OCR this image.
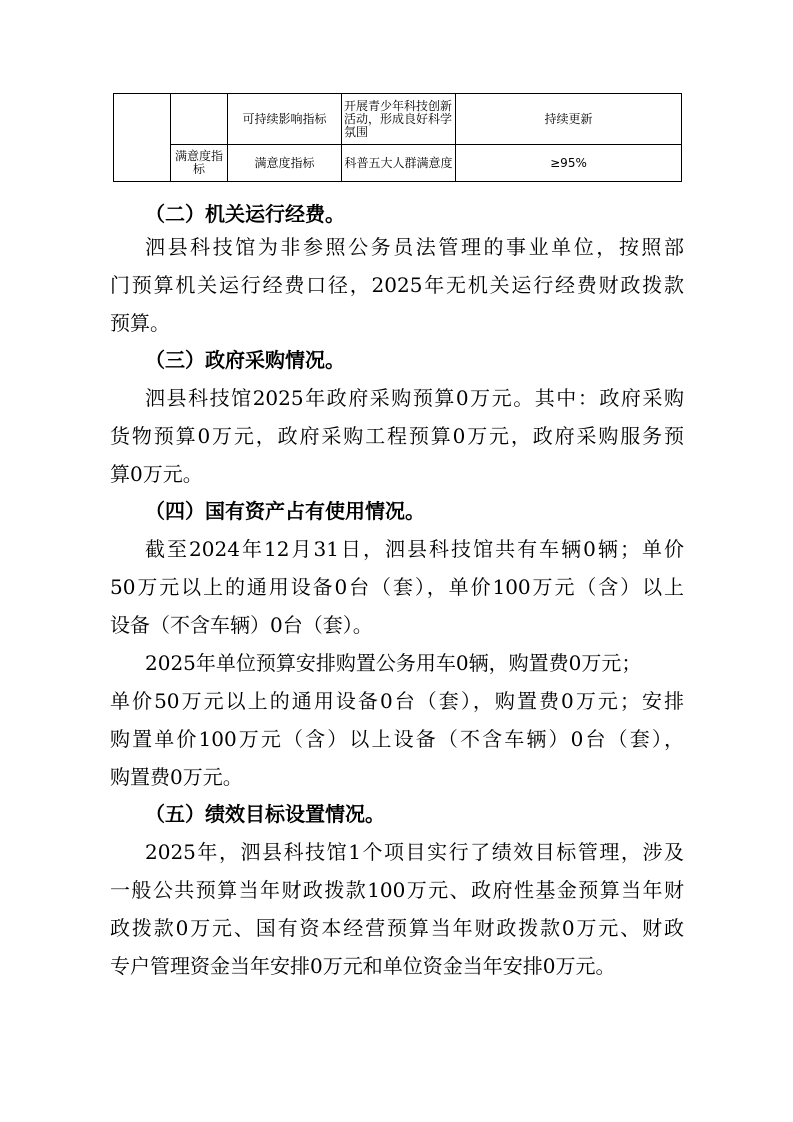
		可持续影响指标	开展青少年科技创新活动，形成良好科学氛围	持续更新
	满意度指标	满意度指标	科普五大人群满意度	≥95%
（二）机关运行经费。
泗县科技馆为非参照公务员法管理的事业单位，按照部
门预算机关运行经费口径，2025年无机关运行经费财政拨款
预算。
（三）政府采购情况。
泗县科技馆2025年政府采购预算0万元。其中：政府采购
货物预算0万元，政府采购工程预算0万元，政府采购服务预
算0万元。
（四）国有资产占有使用情况。
截至2024年12月31日，泗县科技馆共有车辆0辆；单价
50万元以上的通用设备0台（套），单价100万元（含）以上
设备（不含车辆）0台（套）。
2025年单位预算安排购置公务用车0辆，购置费0万元；
单价50万元以上的通用设备0台（套），购置费0万元；安排
购置单价100万元（含）以上设备（不含车辆）0台（套），
购置费0万元。
（五）绩效目标设置情况。
2025年，泗县科技馆1个项目实行了绩效目标管理，涉及
一般公共预算当年财政拨款100万元、政府性基金预算当年财
政拨款0万元、国有资本经营预算当年财政拨款0万元、财政
专户管理资金当年安排0万元和单位资金当年安排0万元。
